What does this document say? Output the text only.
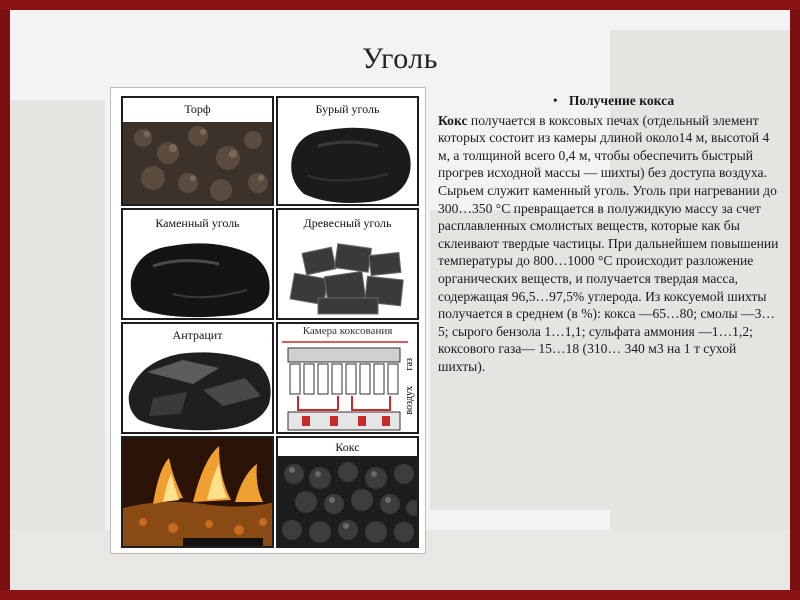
Уголь
Торф	Бурый уголь
Каменный уголь	Древесный уголь
Антрацит	Камера коксования
газ
воздух
Кокс
• Получение кокса
Кокс получается в коксовых печах (отдельный элемент которых состоит из камеры длиной около14 м, высотой 4 м, а толщиной всего 0,4 м, чтобы обеспечить быстрый прогрев исходной массы — шихты) без доступа воздуха. Сырьем служит каменный уголь. Уголь при нагревании до 300…350 °С превращается в полужидкую массу за счет расплавленных смолистых веществ, которые как бы склеивают твердые частицы. При дальнейшем повышении температуры до 800…1000 °С происходит разложение органических веществ, и получается твердая масса, содержащая 96,5…97,5% углерода. Из коксуемой шихты получается в среднем (в %): кокса —65…80; смолы —3…5; сырого бензола 1…1,1; сульфата аммония —1…1,2; коксового газа— 15…18 (310… 340 м3 на 1 т сухой шихты).
